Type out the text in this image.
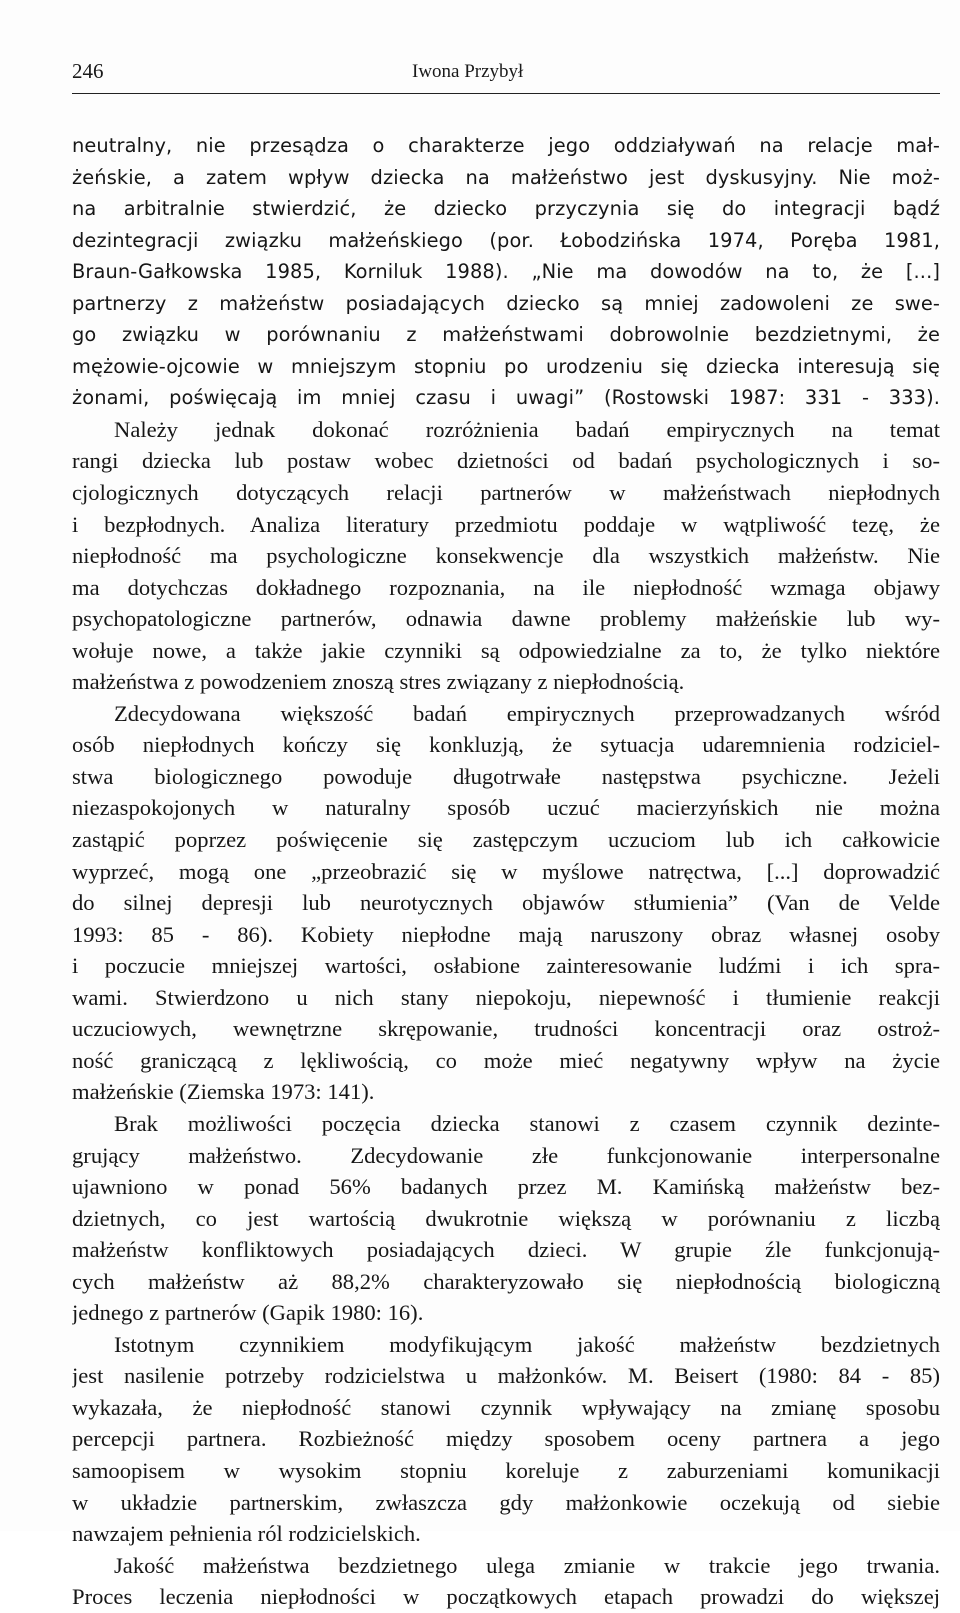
246	Iwona Przybył
neutralny, nie przesądza o charakterze jego oddziaływań na relacje mał-
żeńskie, a zatem wpływ dziecka na małżeństwo jest dyskusyjny. Nie moż-
na arbitralnie stwierdzić, że dziecko przyczynia się do integracji bądź
dezintegracji związku małżeńskiego (por. Łobodzińska 1974, Poręba 1981,
Braun-Gałkowska 1985, Korniluk 1988). „Nie ma dowodów na to, że [...]
partnerzy z małżeństw posiadających dziecko są mniej zadowoleni ze swe-
go związku w porównaniu z małżeństwami dobrowolnie bezdzietnymi, że
mężowie-ojcowie w mniejszym stopniu po urodzeniu się dziecka interesują się
żonami, poświęcają im mniej czasu i uwagi” (Rostowski 1987: 331 - 333).
Należy jednak dokonać rozróżnienia badań empirycznych na temat
rangi dziecka lub postaw wobec dzietności od badań psychologicznych i so-
cjologicznych dotyczących relacji partnerów w małżeństwach niepłodnych
i bezpłodnych. Analiza literatury przedmiotu poddaje w wątpliwość tezę, że
niepłodność ma psychologiczne konsekwencje dla wszystkich małżeństw. Nie
ma dotychczas dokładnego rozpoznania, na ile niepłodność wzmaga objawy
psychopatologiczne partnerów, odnawia dawne problemy małżeńskie lub wy-
wołuje nowe, a także jakie czynniki są odpowiedzialne za to, że tylko niektóre
małżeństwa z powodzeniem znoszą stres związany z niepłodnością.
Zdecydowana większość badań empirycznych przeprowadzanych wśród
osób niepłodnych kończy się konkluzją, że sytuacja udaremnienia rodziciel-
stwa biologicznego powoduje długotrwałe następstwa psychiczne. Jeżeli
niezaspokojonych w naturalny sposób uczuć macierzyńskich nie można
zastąpić poprzez poświęcenie się zastępczym uczuciom lub ich całkowicie
wyprzeć, mogą one „przeobrazić się w myślowe natręctwa, [...] doprowadzić
do silnej depresji lub neurotycznych objawów stłumienia” (Van de Velde
1993: 85 - 86). Kobiety niepłodne mają naruszony obraz własnej osoby
i poczucie mniejszej wartości, osłabione zainteresowanie ludźmi i ich spra-
wami. Stwierdzono u nich stany niepokoju, niepewność i tłumienie reakcji
uczuciowych, wewnętrzne skrępowanie, trudności koncentracji oraz ostroż-
ność graniczącą z lękliwością, co może mieć negatywny wpływ na życie
małżeńskie (Ziemska 1973: 141).
Brak możliwości poczęcia dziecka stanowi z czasem czynnik dezinte-
grujący małżeństwo. Zdecydowanie złe funkcjonowanie interpersonalne
ujawniono w ponad 56% badanych przez M. Kamińską małżeństw bez-
dzietnych, co jest wartością dwukrotnie większą w porównaniu z liczbą
małżeństw konfliktowych posiadających dzieci. W grupie źle funkcjonują-
cych małżeństw aż 88,2% charakteryzowało się niepłodnością biologiczną
jednego z partnerów (Gapik 1980: 16).
Istotnym czynnikiem modyfikującym jakość małżeństw bezdzietnych
jest nasilenie potrzeby rodzicielstwa u małżonków. M. Beisert (1980: 84 - 85)
wykazała, że niepłodność stanowi czynnik wpływający na zmianę sposobu
percepcji partnera. Rozbieżność między sposobem oceny partnera a jego
samoopisem w wysokim stopniu koreluje z zaburzeniami komunikacji
w układzie partnerskim, zwłaszcza gdy małżonkowie oczekują od siebie
nawzajem pełnienia ról rodzicielskich.
Jakość małżeństwa bezdzietnego ulega zmianie w trakcie jego trwania.
Proces leczenia niepłodności w początkowych etapach prowadzi do większej
